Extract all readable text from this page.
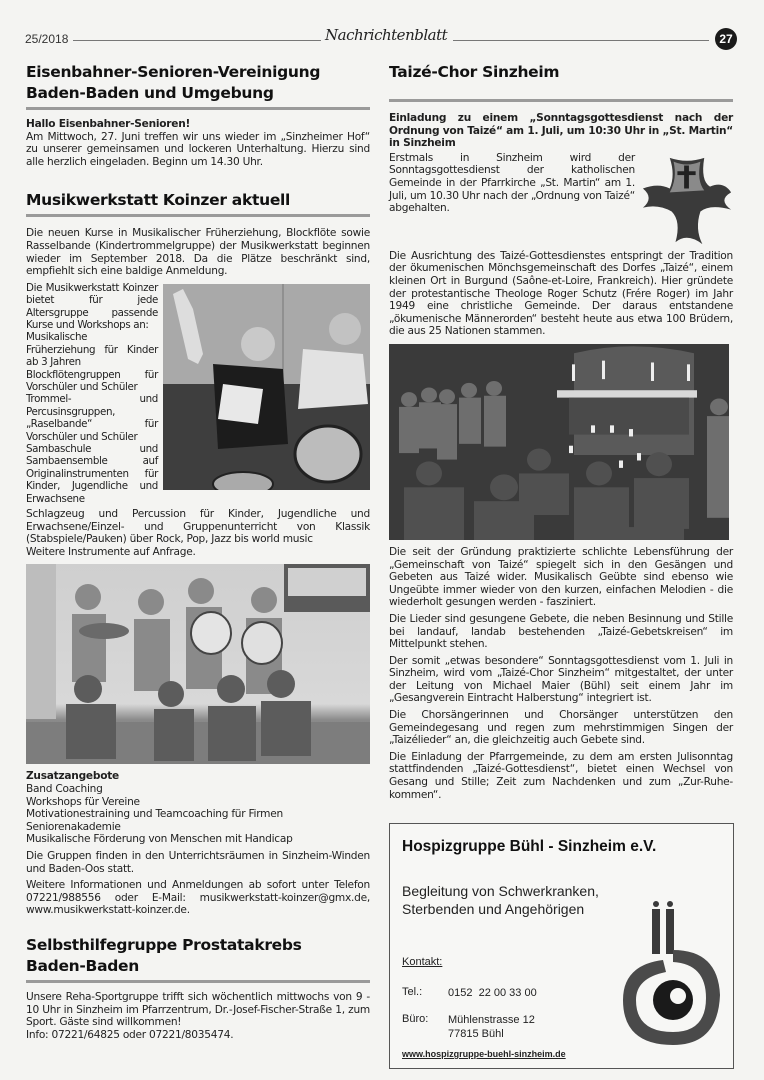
25/2018	Nachrichtenblatt	27
Eisenbahner-Senioren-Vereinigung
Baden-Baden und Umgebung
Hallo Eisenbahner-Senioren!
Am Mittwoch, 27. Juni treffen wir uns wieder im „Sinzheimer Hof“ zu unserer gemeinsamen und lockeren Unterhaltung. Hierzu sind alle herzlich eingeladen. Beginn um 14.30 Uhr.
Musikwerkstatt Koinzer aktuell
Die neuen Kurse in Musikalischer Früherziehung, Blockflöte sowie Rasselbande (Kindertrommelgruppe) der Musikwerkstatt beginnen wieder im September 2018. Da die Plätze beschränkt sind, empfiehlt sich eine baldige Anmeldung.
Die Musikwerkstatt Koinzer bietet für jede Altersgruppe passende Kurse und Workshops an:
Musikalische Früherziehung für Kinder ab 3 Jahren
Blockflötengruppen für Vorschüler und Schüler
Trommel- und Percusinsgruppen, „Raselbande“ für Vorschüler und Schüler
Sambaschule und Sambaensemble auf Originalinstrumenten für Kinder, Jugendliche und Erwachsene
Schlagzeug und Percussion für Kinder, Jugendliche und Erwachsene/Einzel- und Gruppenunterricht von Klassik (Stabspiele/Pauken) über Rock, Pop, Jazz bis world music
Weitere Instrumente auf Anfrage.
Zusatzangebote
Band Coaching
Workshops für Vereine
Motivationestraining und Teamcoaching für Firmen
Seniorenakademie
Musikalische Förderung von Menschen mit Handicap
Die Gruppen finden in den Unterrichtsräumen in Sinzheim-Winden und Baden-Oos statt.
Weitere Informationen und Anmeldungen ab sofort unter Telefon 07221/988556 oder E-Mail: musikwerkstatt-koinzer@gmx.de, www.musikwerkstatt-koinzer.de.
Selbsthilfegruppe Prostatakrebs
Baden-Baden
Unsere Reha-Sportgruppe trifft sich wöchentlich mittwochs von 9 - 10 Uhr in Sinzheim im Pfarrzentrum, Dr.-Josef-Fischer-Straße 1, zum Sport. Gäste sind willkommen!
Info: 07221/64825 oder 07221/8035474.
Taizé-Chor Sinzheim
Einladung zu einem „Sonntagsgottesdienst nach der Ordnung von Taizé“ am 1. Juli, um 10:30 Uhr in „St. Martin“ in Sinzheim
Erstmals in Sinzheim wird der Sonntagsgottesdienst der katholischen Gemeinde in der Pfarrkirche „St. Martin“ am 1. Juli, um 10.30 Uhr nach der „Ordnung von Taizé“ abgehalten.
Die Ausrichtung des Taizé-Gottesdienstes entspringt der Tradition der ökumenischen Mönchsgemeinschaft des Dorfes „Taizé“, einem kleinen Ort in Burgund (Saône-et-Loire, Frankreich). Hier gründete der protestantische Theologe Roger Schutz (Frére Roger) im Jahr 1949 eine christliche Gemeinde. Der daraus entstandene „ökumenische Männerorden“ besteht heute aus etwa 100 Brüdern, die aus 25 Nationen stammen.
Die seit der Gründung praktizierte schlichte Lebensführung der „Gemeinschaft von Taizé“ spiegelt sich in den Gesängen und Gebeten aus Taizé wider. Musikalisch Geübte sind ebenso wie Ungeübte immer wieder von den kurzen, einfachen Melodien - die wiederholt gesungen werden - fasziniert.
Die Lieder sind gesungene Gebete, die neben Besinnung und Stille bei landauf, landab bestehenden „Taizé-Gebetskreisen“ im Mittelpunkt stehen.
Der somit „etwas besondere“ Sonntagsgottesdienst vom 1. Juli in Sinzheim, wird vom „Taizé-Chor Sinzheim“ mitgestaltet, der unter der Leitung von Michael Maier (Bühl) seit einem Jahr im „Gesangverein Eintracht Halberstung“ integriert ist.
Die Chorsängerinnen und Chorsänger unterstützen den Gemeindegesang und regen zum mehrstimmigen Singen der „Taizélieder“ an, die gleichzeitig auch Gebete sind.
Die Einladung der Pfarrgemeinde, zu dem am ersten Julisonntag stattfindenden „Taizé-Gottesdienst“, bietet einen Wechsel von Gesang und Stille; Zeit zum Nachdenken und zum „Zur-Ruhe-kommen“.
Hospizgruppe Bühl - Sinzheim e.V.
Begleitung von Schwerkranken,
Sterbenden und Angehörigen
Kontakt:
Tel.: 0152  22 00 33 00
Büro: Mühlenstrasse 12
77815 Bühl
www.hospizgruppe-buehl-sinzheim.de
